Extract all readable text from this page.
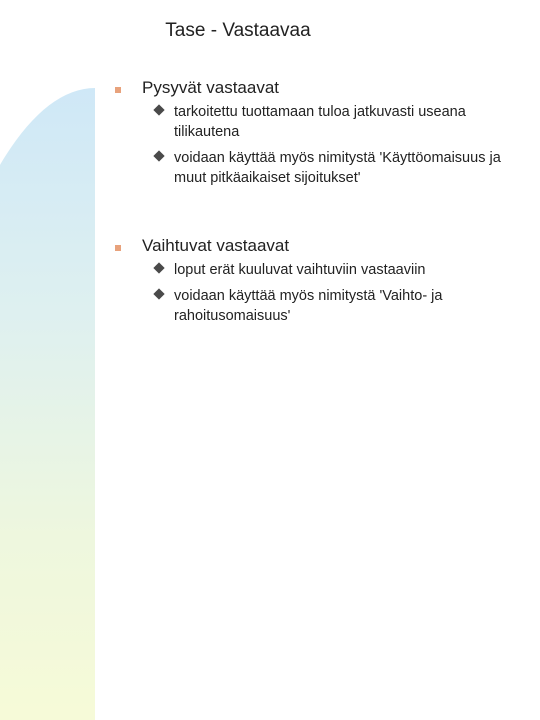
Tase - Vastaavaa
Pysyvät vastaavat
tarkoitettu tuottamaan tuloa jatkuvasti useana tilikautena
voidaan käyttää myös nimitystä 'Käyttöomaisuus ja muut pitkäaikaiset sijoitukset'
Vaihtuvat vastaavat
loput erät kuuluvat vaihtuviin vastaaviin
voidaan käyttää myös nimitystä 'Vaihto- ja rahoitusomaisuus'
